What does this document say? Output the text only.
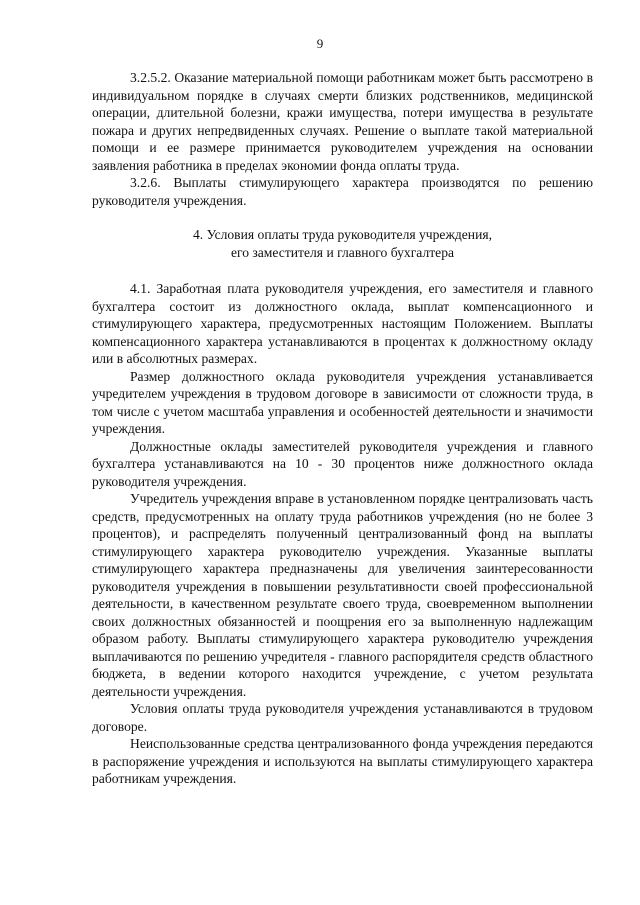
9

3.2.5.2. Оказание материальной помощи работникам может быть рассмотрено в индивидуальном порядке в случаях смерти близких родственников, медицинской операции, длительной болезни, кражи имущества, потери имущества в результате пожара и других непредвиденных случаях. Решение о выплате такой материальной помощи и ее размере принимается руководителем учреждения на основании заявления работника в пределах экономии фонда оплаты труда.

3.2.6. Выплаты стимулирующего характера производятся по решению руководителя учреждения.

4. Условия оплаты труда руководителя учреждения,
его заместителя и главного бухгалтера

4.1. Заработная плата руководителя учреждения, его заместителя и главного бухгалтера состоит из должностного оклада, выплат компенсационного и стимулирующего характера, предусмотренных настоящим Положением. Выплаты компенсационного характера устанавливаются в процентах к должностному окладу или в абсолютных размерах.

Размер должностного оклада руководителя учреждения устанавливается учредителем учреждения в трудовом договоре в зависимости от сложности труда, в том числе с учетом масштаба управления и особенностей деятельности и значимости учреждения.

Должностные оклады заместителей руководителя учреждения и главного бухгалтера устанавливаются на 10 - 30 процентов ниже должностного оклада руководителя учреждения.

Учредитель учреждения вправе в установленном порядке централизовать часть средств, предусмотренных на оплату труда работников учреждения (но не более 3 процентов), и распределять полученный централизованный фонд на выплаты стимулирующего характера руководителю учреждения. Указанные выплаты стимулирующего характера предназначены для увеличения заинтересованности руководителя учреждения в повышении результативности своей профессиональной деятельности, в качественном результате своего труда, своевременном выполнении своих должностных обязанностей и поощрения его за выполненную надлежащим образом работу. Выплаты стимулирующего характера руководителю учреждения выплачиваются по решению учредителя - главного распорядителя средств областного бюджета, в ведении которого находится учреждение, с учетом результата деятельности учреждения.

Условия оплаты труда руководителя учреждения устанавливаются в трудовом договоре.

Неиспользованные средства централизованного фонда учреждения передаются в распоряжение учреждения и используются на выплаты стимулирующего характера работникам учреждения.
